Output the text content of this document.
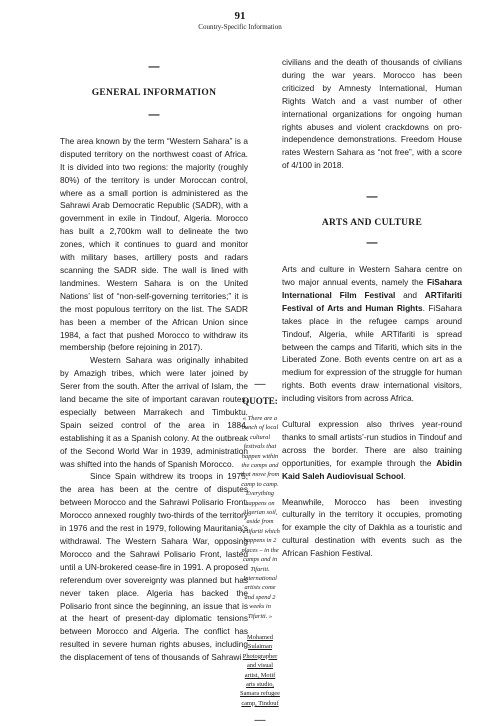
91
Country-Specific Information
—
GENERAL INFORMATION
—

The area known by the term “Western Sahara” is a disputed territory on the northwest coast of Africa. It is divided into two regions: the majority (roughly 80%) of the territory is under Moroccan control, where as a small portion is administered as the Sahrawi Arab Democratic Republic (SADR), with a government in exile in Tindouf, Algeria. Morocco has built a 2,700km wall to delineate the two zones, which it continues to guard and monitor with military bases, artillery posts and radars scanning the SADR side. The wall is lined with landmines. Western Sahara is on the United Nations’ list of “non-self-governing territories;” it is the most populous territory on the list. The SADR has been a member of the African Union since 1984, a fact that pushed Morocco to withdraw its membership (before rejoining in 2017).

Western Sahara was originally inhabited by Amazigh tribes, which were later joined by Serer from the south. After the arrival of Islam, the land became the site of important caravan routes, especially between Marrakech and Timbuktu. Spain seized control of the area in 1884, establishing it as a Spanish colony. At the outbreak of the Second World War in 1939, administration was shifted into the hands of Spanish Morocco.

Since Spain withdrew its troops in 1975, the area has been at the centre of disputes between Morocco and the Sahrawi Polisario Front. Morocco annexed roughly two-thirds of the territory in 1976 and the rest in 1979, following Mauritania’s withdrawal. The Western Sahara War, opposing Morocco and the Sahrawi Polisario Front, lasted until a UN-brokered cease-fire in 1991. A proposed referendum over sovereignty was planned but has never taken place. Algeria has backed the Polisario front since the beginning, an issue that is at the heart of present-day diplomatic tensions between Morocco and Algeria. The conflict has resulted in severe human rights abuses, including the displacement of tens of thousands of Sahrawi

—
QUOTE:
« There are a bunch of local cultural festivals that happen within the camps and that move from camp to camp. Everything happens on Algerian soil, aside from Artifariti which happens in 2 places – in the camps and in Tifariti. International artists come and spend 2 weeks in Tifariti. »
Mohamed Sulaiman Photographer and visual artist, Motif arts studio, Samara refugee camp, Tindouf
—

civilians and the death of thousands of civilians during the war years. Morocco has been criticized by Amnesty International, Human Rights Watch and a vast number of other international organizations for ongoing human rights abuses and violent crackdowns on pro-independence demonstrations. Freedom House rates Western Sahara as “not free”, with a score of 4/100 in 2018.

—
ARTS AND CULTURE
—

Arts and culture in Western Sahara centre on two major annual events, namely the FiSahara International Film Festival and ARTifariti Festival of Arts and Human Rights. FiSahara takes place in the refugee camps around Tindouf, Algeria, while ARTifariti is spread between the camps and Tifariti, which sits in the Liberated Zone. Both events centre on art as a medium for expression of the struggle for human rights. Both events draw international visitors, including visitors from across Africa.

Cultural expression also thrives year-round thanks to small artists’-run studios in Tindouf and across the border. There are also training opportunities, for example through the Abidin Kaid Saleh Audiovisual School.

Meanwhile, Morocco has been investing culturally in the territory it occupies, promoting for example the city of Dakhla as a touristic and cultural destination with events such as the African Fashion Festival.
